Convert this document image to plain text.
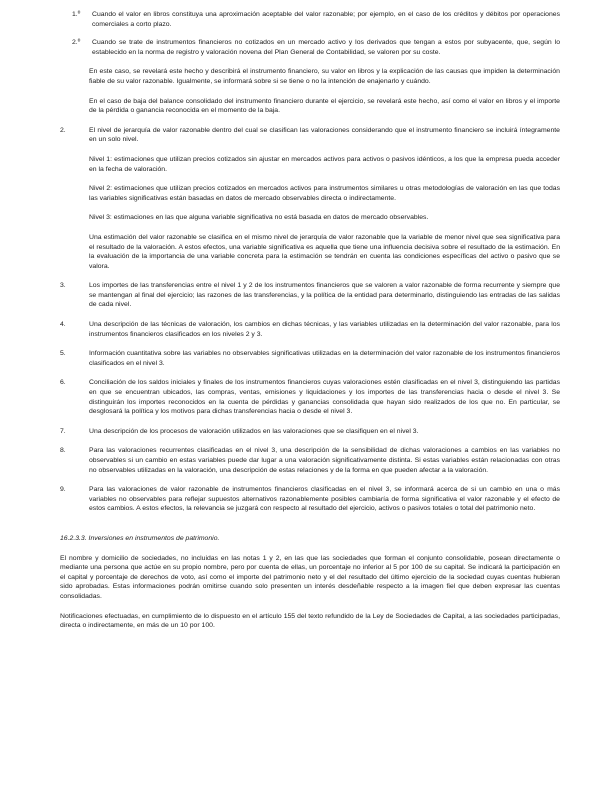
1.º Cuando el valor en libros constituya una aproximación aceptable del valor razonable; por ejemplo, en el caso de los créditos y débitos por operaciones comerciales a corto plazo.

2.º Cuando se trate de instrumentos financieros no cotizados en un mercado activo y los derivados que tengan a estos por subyacente, que, según lo establecido en la norma de registro y valoración novena del Plan General de Contabilidad, se valoren por su coste.

En este caso, se revelará este hecho y describirá el instrumento financiero, su valor en libros y la explicación de las causas que impiden la determinación fiable de su valor razonable. Igualmente, se informará sobre si se tiene o no la intención de enajenarlo y cuándo.

En el caso de baja del balance consolidado del instrumento financiero durante el ejercicio, se revelará este hecho, así como el valor en libros y el importe de la pérdida o ganancia reconocida en el momento de la baja.

2.	El nivel de jerarquía de valor razonable dentro del cual se clasifican las valoraciones considerando que el instrumento financiero se incluirá íntegramente en un solo nivel.

Nivel 1: estimaciones que utilizan precios cotizados sin ajustar en mercados activos para activos o pasivos idénticos, a los que la empresa pueda acceder en la fecha de valoración.

Nivel 2: estimaciones que utilizan precios cotizados en mercados activos para instrumentos similares u otras metodologías de valoración en las que todas las variables significativas están basadas en datos de mercado observables directa o indirectamente.

Nivel 3: estimaciones en las que alguna variable significativa no está basada en datos de mercado observables.

Una estimación del valor razonable se clasifica en el mismo nivel de jerarquía de valor razonable que la variable de menor nivel que sea significativa para el resultado de la valoración. A estos efectos, una variable significativa es aquella que tiene una influencia decisiva sobre el resultado de la estimación. En la evaluación de la importancia de una variable concreta para la estimación se tendrán en cuenta las condiciones específicas del activo o pasivo que se valora.

3.	Los importes de las transferencias entre el nivel 1 y 2 de los instrumentos financieros que se valoren a valor razonable de forma recurrente y siempre que se mantengan al final del ejercicio; las razones de las transferencias, y la política de la entidad para determinarlo, distinguiendo las entradas de las salidas de cada nivel.

4.	Una descripción de las técnicas de valoración, los cambios en dichas técnicas, y las variables utilizadas en la determinación del valor razonable, para los instrumentos financieros clasificados en los niveles 2 y 3.

5.	Información cuantitativa sobre las variables no observables significativas utilizadas en la determinación del valor razonable de los instrumentos financieros clasificados en el nivel 3.

6.	Conciliación de los saldos iniciales y finales de los instrumentos financieros cuyas valoraciones estén clasificadas en el nivel 3, distinguiendo las partidas en que se encuentran ubicados, las compras, ventas, emisiones y liquidaciones y los importes de las transferencias hacia o desde el nivel 3. Se distinguirán los importes reconocidos en la cuenta de pérdidas y ganancias consolidada que hayan sido realizados de los que no. En particular, se desglosará la política y los motivos para dichas transferencias hacia o desde el nivel 3.

7.	Una descripción de los procesos de valoración utilizados en las valoraciones que se clasifiquen en el nivel 3.

8.	Para las valoraciones recurrentes clasificadas en el nivel 3, una descripción de la sensibilidad de dichas valoraciones a cambios en las variables no observables si un cambio en estas variables puede dar lugar a una valoración significativamente distinta. Si estas variables están relacionadas con otras no observables utilizadas en la valoración, una descripción de estas relaciones y de la forma en que pueden afectar a la valoración.

9.	Para las valoraciones de valor razonable de instrumentos financieros clasificadas en el nivel 3, se informará acerca de si un cambio en una o más variables no observables para reflejar supuestos alternativos razonablemente posibles cambiaría de forma significativa el valor razonable y el efecto de estos cambios. A estos efectos, la relevancia se juzgará con respecto al resultado del ejercicio, activos o pasivos totales o total del patrimonio neto.

16.2.3.3. Inversiones en instrumentos de patrimonio.

El nombre y domicilio de sociedades, no incluidas en las notas 1 y 2, en las que las sociedades que forman el conjunto consolidable, posean directamente o mediante una persona que actúe en su propio nombre, pero por cuenta de ellas, un porcentaje no inferior al 5 por 100 de su capital. Se indicará la participación en el capital y porcentaje de derechos de voto, así como el importe del patrimonio neto y el del resultado del último ejercicio de la sociedad cuyas cuentas hubieran sido aprobadas. Estas informaciones podrán omitirse cuando solo presenten un interés desdeñable respecto a la imagen fiel que deben expresar las cuentas consolidadas.

Notificaciones efectuadas, en cumplimiento de lo dispuesto en el artículo 155 del texto refundido de la Ley de Sociedades de Capital, a las sociedades participadas, directa o indirectamente, en más de un 10 por 100.
